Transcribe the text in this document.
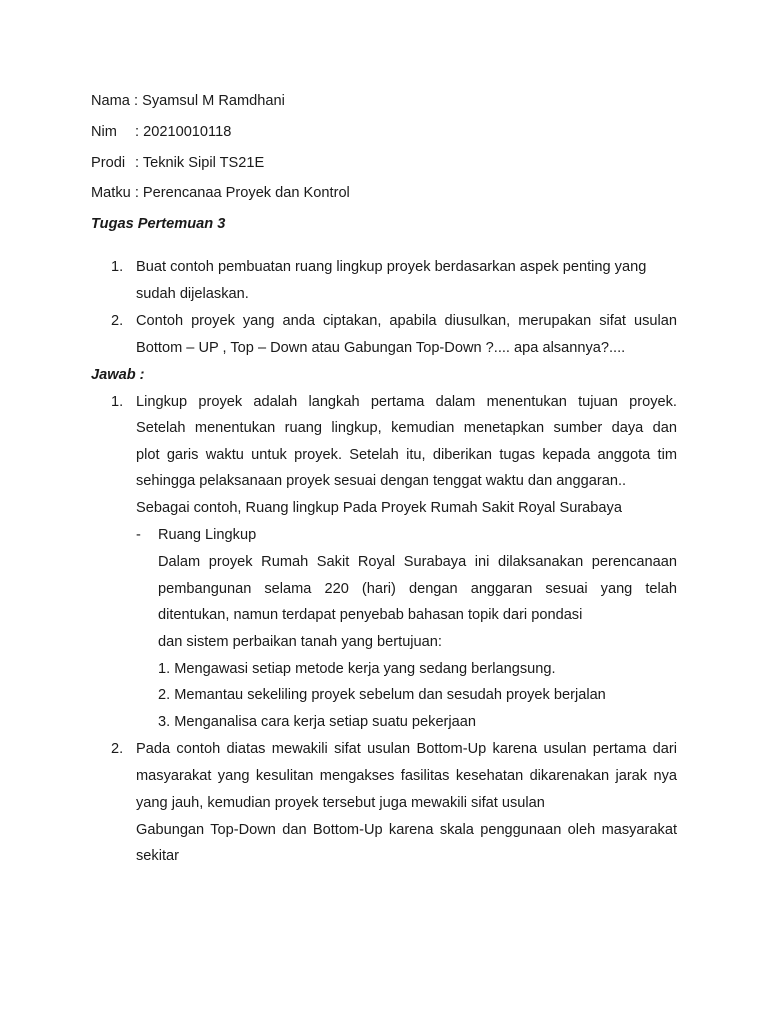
Nama : Syamsul M Ramdhani
Nim : 20210010118
Prodi : Teknik Sipil TS21E
Matku : Perencanaa Proyek dan Kontrol
Tugas Pertemuan 3
1. Buat contoh pembuatan ruang lingkup proyek berdasarkan aspek penting yang
sudah dijelaskan.
2. Contoh proyek yang anda ciptakan, apabila diusulkan, merupakan sifat usulan
Bottom – UP , Top – Down atau Gabungan Top-Down ?.... apa alsannya?....
Jawab :
1. Lingkup proyek adalah langkah pertama dalam menentukan tujuan proyek.
Setelah menentukan ruang lingkup, kemudian menetapkan sumber daya dan
plot garis waktu untuk proyek. Setelah itu, diberikan tugas kepada anggota tim
sehingga pelaksanaan proyek sesuai dengan tenggat waktu dan anggaran..
Sebagai contoh, Ruang lingkup Pada Proyek Rumah Sakit Royal Surabaya
- Ruang Lingkup
Dalam proyek Rumah Sakit Royal Surabaya ini dilaksanakan perencanaan
pembangunan selama 220 (hari) dengan anggaran sesuai yang telah
ditentukan, namun terdapat penyebab bahasan topik dari pondasi
dan sistem perbaikan tanah yang bertujuan:
1. Mengawasi setiap metode kerja yang sedang berlangsung.
2. Memantau sekeliling proyek sebelum dan sesudah proyek berjalan
3. Menganalisa cara kerja setiap suatu pekerjaan
2. Pada contoh diatas mewakili sifat usulan Bottom-Up karena usulan pertama dari
masyarakat yang kesulitan mengakses fasilitas kesehatan dikarenakan jarak nya
yang jauh, kemudian proyek tersebut juga mewakili sifat usulan
Gabungan Top-Down dan Bottom-Up karena skala penggunaan oleh masyarakat
sekitar
